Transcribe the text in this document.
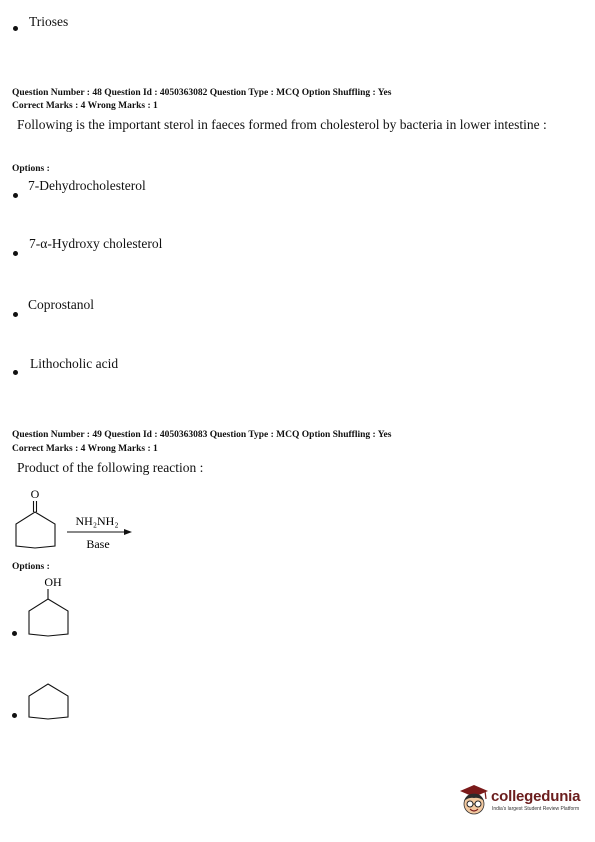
Trioses
Question Number : 48 Question Id : 4050363082 Question Type : MCQ Option Shuffling : Yes
Correct Marks : 4 Wrong Marks : 1
Following is the important sterol in faeces formed from cholesterol by bacteria in lower intestine :
Options :
7-Dehydrocholesterol
7-α-Hydroxy cholesterol
Coprostanol
Lithocholic acid
Question Number : 49 Question Id : 4050363083 Question Type : MCQ Option Shuffling : Yes
Correct Marks : 4 Wrong Marks : 1
Product of the following reaction :
O
NH₂NH₂
Base
Options :
OH
collegedunia
India's largest Student Review Platform
